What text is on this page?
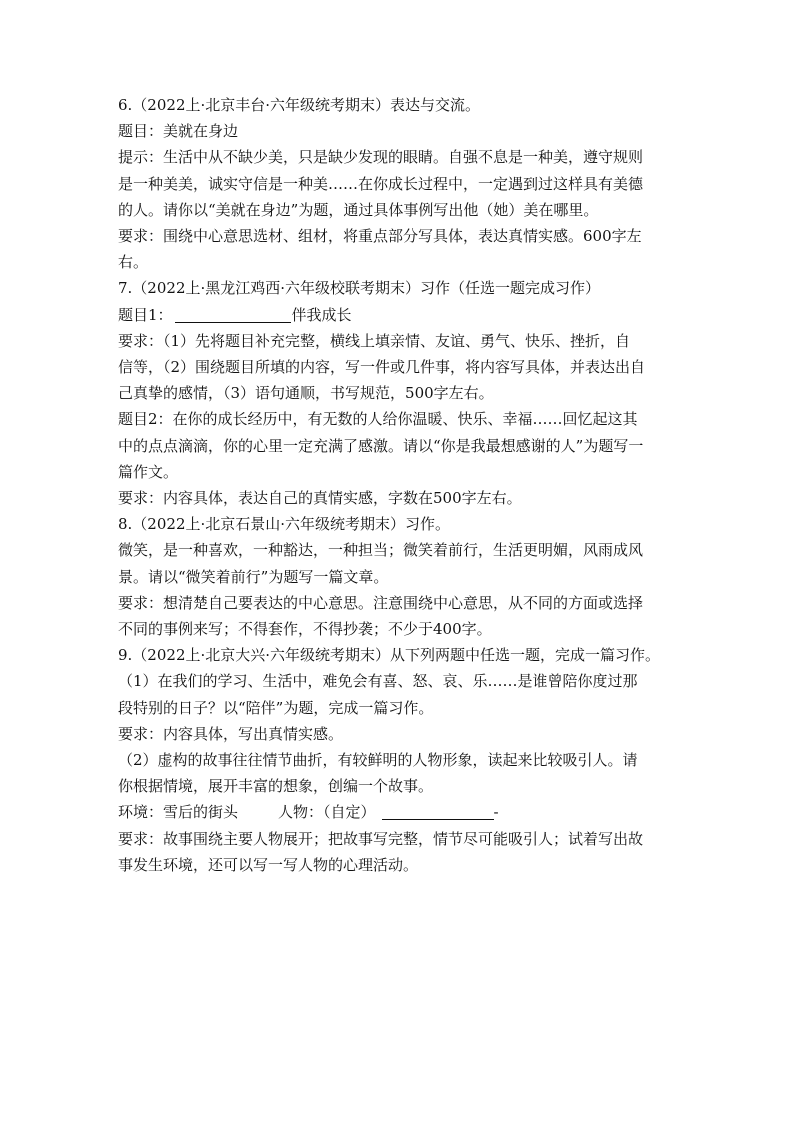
6.（2022上·北京丰台·六年级统考期末）表达与交流。
题目：美就在身边
提示：生活中从不缺少美，只是缺少发现的眼睛。自强不息是一种美，遵守规则
是一种美美，诚实守信是一种美……在你成长过程中，一定遇到过这样具有美德
的人。请你以“美就在身边”为题，通过具体事例写出他（她）美在哪里。
要求：围绕中心意思选材、组材，将重点部分写具体，表达真情实感。600字左
右。
7.（2022上·黑龙江鸡西·六年级校联考期末）习作（任选一题完成习作）
题目1：	伴我成长
要求：（1）先将题目补充完整，横线上填亲情、友谊、勇气、快乐、挫折，自
信等，（2）围绕题目所填的内容，写一件或几件事，将内容写具体，并表达出自
己真挚的感情，（3）语句通顺，书写规范，500字左右。
题目2：在你的成长经历中，有无数的人给你温暖、快乐、幸福……回忆起这其
中的点点滴滴，你的心里一定充满了感激。请以“你是我最想感谢的人”为题写一
篇作文。
要求：内容具体，表达自己的真情实感，字数在500字左右。
8.（2022上·北京石景山·六年级统考期末）习作。
微笑，是一种喜欢，一种豁达，一种担当；微笑着前行，生活更明媚，风雨成风
景。请以“微笑着前行”为题写一篇文章。
要求：想清楚自己要表达的中心意思。注意围绕中心意思，从不同的方面或选择
不同的事例来写；不得套作，不得抄袭；不少于400字。
9.（2022上·北京大兴·六年级统考期末）从下列两题中任选一题，完成一篇习作。
（1）在我们的学习、生活中，难免会有喜、怒、哀、乐……是谁曾陪你度过那
段特别的日子？以“陪伴”为题，完成一篇习作。
要求：内容具体，写出真情实感。
（2）虚构的故事往往情节曲折，有较鲜明的人物形象，读起来比较吸引人。请
你根据情境，展开丰富的想象，创编一个故事。
环境：雪后的街头	人物：（自定）	-
要求：故事围绕主要人物展开；把故事写完整，情节尽可能吸引人；试着写出故
事发生环境，还可以写一写人物的心理活动。
